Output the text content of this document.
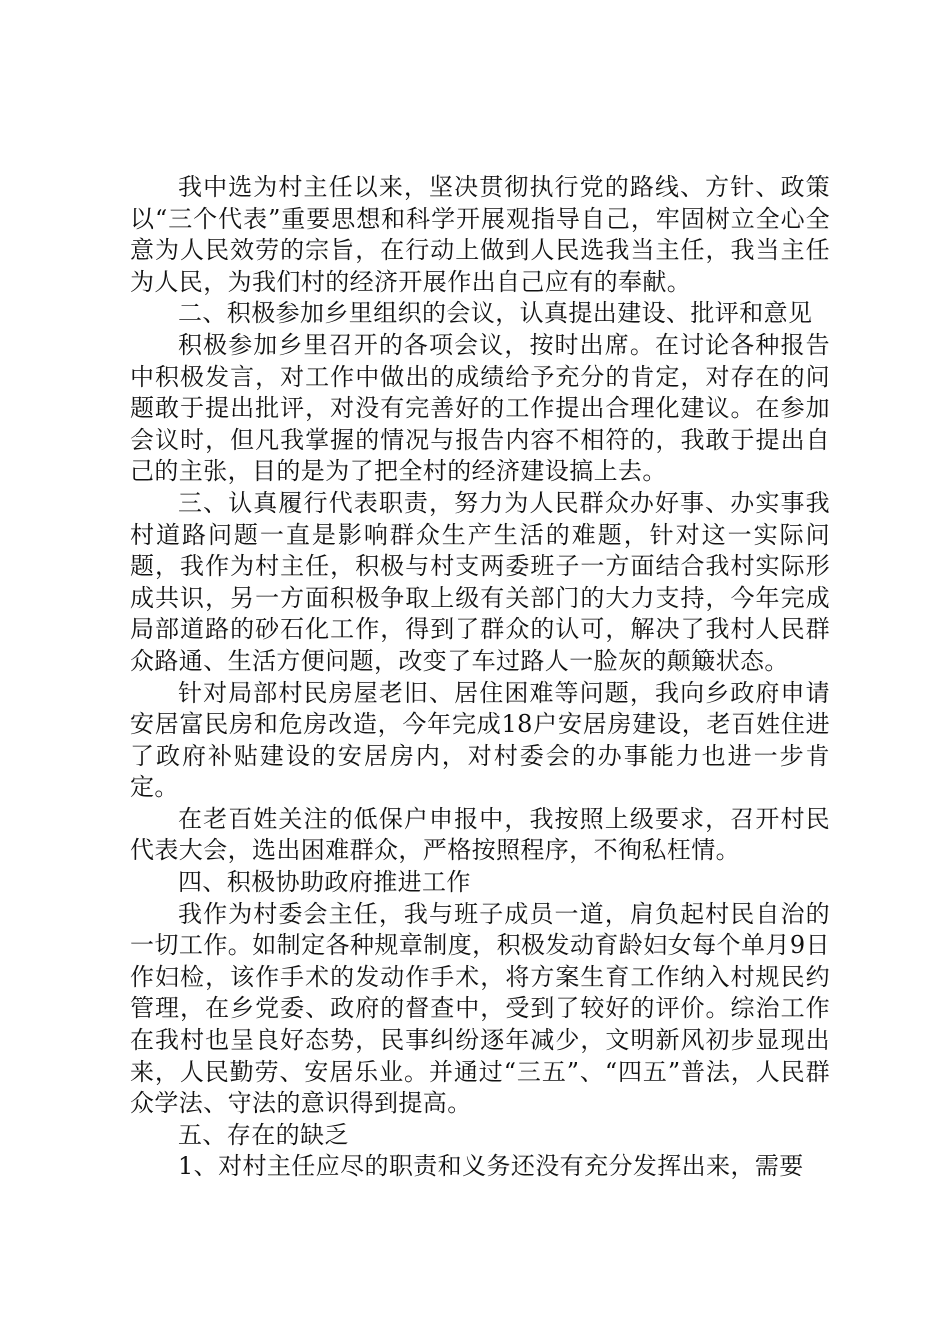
我中选为村主任以来，坚决贯彻执行党的路线、方针、政策以“三个代表”重要思想和科学开展观指导自己，牢固树立全心全意为人民效劳的宗旨，在行动上做到人民选我当主任，我当主任为人民，为我们村的经济开展作出自己应有的奉献。

二、积极参加乡里组织的会议，认真提出建设、批评和意见

积极参加乡里召开的各项会议，按时出席。在讨论各种报告中积极发言，对工作中做出的成绩给予充分的肯定，对存在的问题敢于提出批评，对没有完善好的工作提出合理化建议。在参加会议时，但凡我掌握的情况与报告内容不相符的，我敢于提出自己的主张，目的是为了把全村的经济建设搞上去。

三、认真履行代表职责，努力为人民群众办好事、办实事我村道路问题一直是影响群众生产生活的难题，针对这一实际问题，我作为村主任，积极与村支两委班子一方面结合我村实际形成共识，另一方面积极争取上级有关部门的大力支持，今年完成局部道路的砂石化工作，得到了群众的认可，解决了我村人民群众路通、生活方便问题，改变了车过路人一脸灰的颠簸状态。

针对局部村民房屋老旧、居住困难等问题，我向乡政府申请安居富民房和危房改造，今年完成18户安居房建设，老百姓住进了政府补贴建设的安居房内，对村委会的办事能力也进一步肯定。

在老百姓关注的低保户申报中，我按照上级要求，召开村民代表大会，选出困难群众，严格按照程序，不徇私枉情。

四、积极协助政府推进工作

我作为村委会主任，我与班子成员一道，肩负起村民自治的一切工作。如制定各种规章制度，积极发动育龄妇女每个单月9日作妇检，该作手术的发动作手术，将方案生育工作纳入村规民约管理，在乡党委、政府的督查中，受到了较好的评价。综治工作在我村也呈良好态势，民事纠纷逐年减少，文明新风初步显现出来，人民勤劳、安居乐业。并通过“三五”、“四五”普法，人民群众学法、守法的意识得到提高。

五、存在的缺乏

1、对村主任应尽的职责和义务还没有充分发挥出来，需要
